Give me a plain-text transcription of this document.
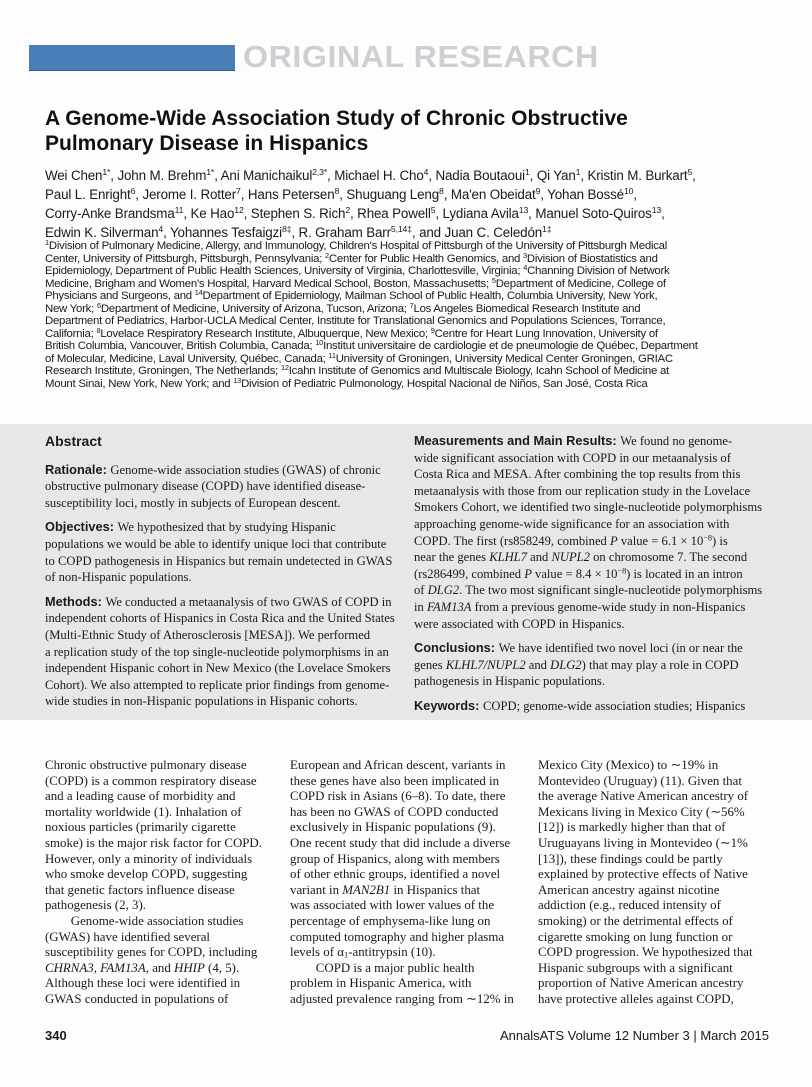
ORIGINAL RESEARCH
A Genome-Wide Association Study of Chronic Obstructive
Pulmonary Disease in Hispanics
Wei Chen$^{1*}$, John M. Brehm$^{1*}$, Ani Manichaikul$^{2,3*}$, Michael H. Cho$^4$, Nadia Boutaoui$^1$, Qi Yan$^1$, Kristin M. Burkart$^5$,
Paul L. Enright$^6$, Jerome I. Rotter$^7$, Hans Petersen$^8$, Shuguang Leng$^8$, Ma'en Obeidat$^9$, Yohan Bossé$^{10}$,
Corry-Anke Brandsma$^{11}$, Ke Hao$^{12}$, Stephen S. Rich$^2$, Rhea Powell$^5$, Lydiana Avila$^{13}$, Manuel Soto-Quiros$^{13}$,
Edwin K. Silverman$^4$, Yohannes Tesfaigzi$^{8\ddagger}$, R. Graham Barr$^{5,14\ddagger}$, and Juan C. Celedón$^{1\ddagger}$
$^1$Division of Pulmonary Medicine, Allergy, and Immunology, Children's Hospital of Pittsburgh of the University of Pittsburgh Medical
Center, University of Pittsburgh, Pittsburgh, Pennsylvania; $^2$Center for Public Health Genomics, and $^3$Division of Biostatistics and
Epidemiology, Department of Public Health Sciences, University of Virginia, Charlottesville, Virginia; $^4$Channing Division of Network
Medicine, Brigham and Women's Hospital, Harvard Medical School, Boston, Massachusetts; $^5$Department of Medicine, College of
Physicians and Surgeons, and $^{14}$Department of Epidemiology, Mailman School of Public Health, Columbia University, New York,
New York; $^6$Department of Medicine, University of Arizona, Tucson, Arizona; $^7$Los Angeles Biomedical Research Institute and
Department of Pediatrics, Harbor-UCLA Medical Center, Institute for Translational Genomics and Populations Sciences, Torrance,
California; $^8$Lovelace Respiratory Research Institute, Albuquerque, New Mexico; $^9$Centre for Heart Lung Innovation, University of
British Columbia, Vancouver, British Columbia, Canada; $^{10}$Institut universitaire de cardiologie et de pneumologie de Québec, Department
of Molecular, Medicine, Laval University, Québec, Canada; $^{11}$University of Groningen, University Medical Center Groningen, GRIAC
Research Institute, Groningen, The Netherlands; $^{12}$Icahn Institute of Genomics and Multiscale Biology, Icahn School of Medicine at
Mount Sinai, New York, New York; and $^{13}$Division of Pediatric Pulmonology, Hospital Nacional de Niños, San José, Costa Rica
Abstract
Rationale: Genome-wide association studies (GWAS) of chronic
obstructive pulmonary disease (COPD) have identified disease-
susceptibility loci, mostly in subjects of European descent.
Objectives: We hypothesized that by studying Hispanic
populations we would be able to identify unique loci that contribute
to COPD pathogenesis in Hispanics but remain undetected in GWAS
of non-Hispanic populations.
Methods: We conducted a metaanalysis of two GWAS of COPD in
independent cohorts of Hispanics in Costa Rica and the United States
(Multi-Ethnic Study of Atherosclerosis [MESA]). We performed
a replication study of the top single-nucleotide polymorphisms in an
independent Hispanic cohort in New Mexico (the Lovelace Smokers
Cohort). We also attempted to replicate prior findings from genome-
wide studies in non-Hispanic populations in Hispanic cohorts.
Measurements and Main Results: We found no genome-
wide significant association with COPD in our metaanalysis of
Costa Rica and MESA. After combining the top results from this
metaanalysis with those from our replication study in the Lovelace
Smokers Cohort, we identified two single-nucleotide polymorphisms
approaching genome-wide significance for an association with
COPD. The first (rs858249, combined P value = $6.1 \times 10^{-8}$) is
near the genes KLHL7 and NUPL2 on chromosome 7. The second
(rs286499, combined P value = $8.4 \times 10^{-8}$) is located in an intron
of DLG2. The two most significant single-nucleotide polymorphisms
in FAM13A from a previous genome-wide study in non-Hispanics
were associated with COPD in Hispanics.
Conclusions: We have identified two novel loci (in or near the
genes KLHL7/NUPL2 and DLG2) that may play a role in COPD
pathogenesis in Hispanic populations.
Keywords: COPD; genome-wide association studies; Hispanics
Chronic obstructive pulmonary disease
(COPD) is a common respiratory disease
and a leading cause of morbidity and
mortality worldwide (1). Inhalation of
noxious particles (primarily cigarette
smoke) is the major risk factor for COPD.
However, only a minority of individuals
who smoke develop COPD, suggesting
that genetic factors influence disease
pathogenesis (2, 3).
  Genome-wide association studies
(GWAS) have identified several
susceptibility genes for COPD, including
CHRNA3, FAM13A, and HHIP (4, 5).
Although these loci were identified in
GWAS conducted in populations of
European and African descent, variants in
these genes have also been implicated in
COPD risk in Asians (6–8). To date, there
has been no GWAS of COPD conducted
exclusively in Hispanic populations (9).
One recent study that did include a diverse
group of Hispanics, along with members
of other ethnic groups, identified a novel
variant in MAN2B1 in Hispanics that
was associated with lower values of the
percentage of emphysema-like lung on
computed tomography and higher plasma
levels of $\alpha_1$-antitrypsin (10).
  COPD is a major public health
problem in Hispanic America, with
adjusted prevalence ranging from ∼12% in
Mexico City (Mexico) to ∼19% in
Montevideo (Uruguay) (11). Given that
the average Native American ancestry of
Mexicans living in Mexico City (∼56%
[12]) is markedly higher than that of
Uruguayans living in Montevideo (∼1%
[13]), these findings could be partly
explained by protective effects of Native
American ancestry against nicotine
addiction (e.g., reduced intensity of
smoking) or the detrimental effects of
cigarette smoking on lung function or
COPD progression. We hypothesized that
Hispanic subgroups with a significant
proportion of Native American ancestry
have protective alleles against COPD,
340	AnnalsATS Volume 12 Number 3 | March 2015
